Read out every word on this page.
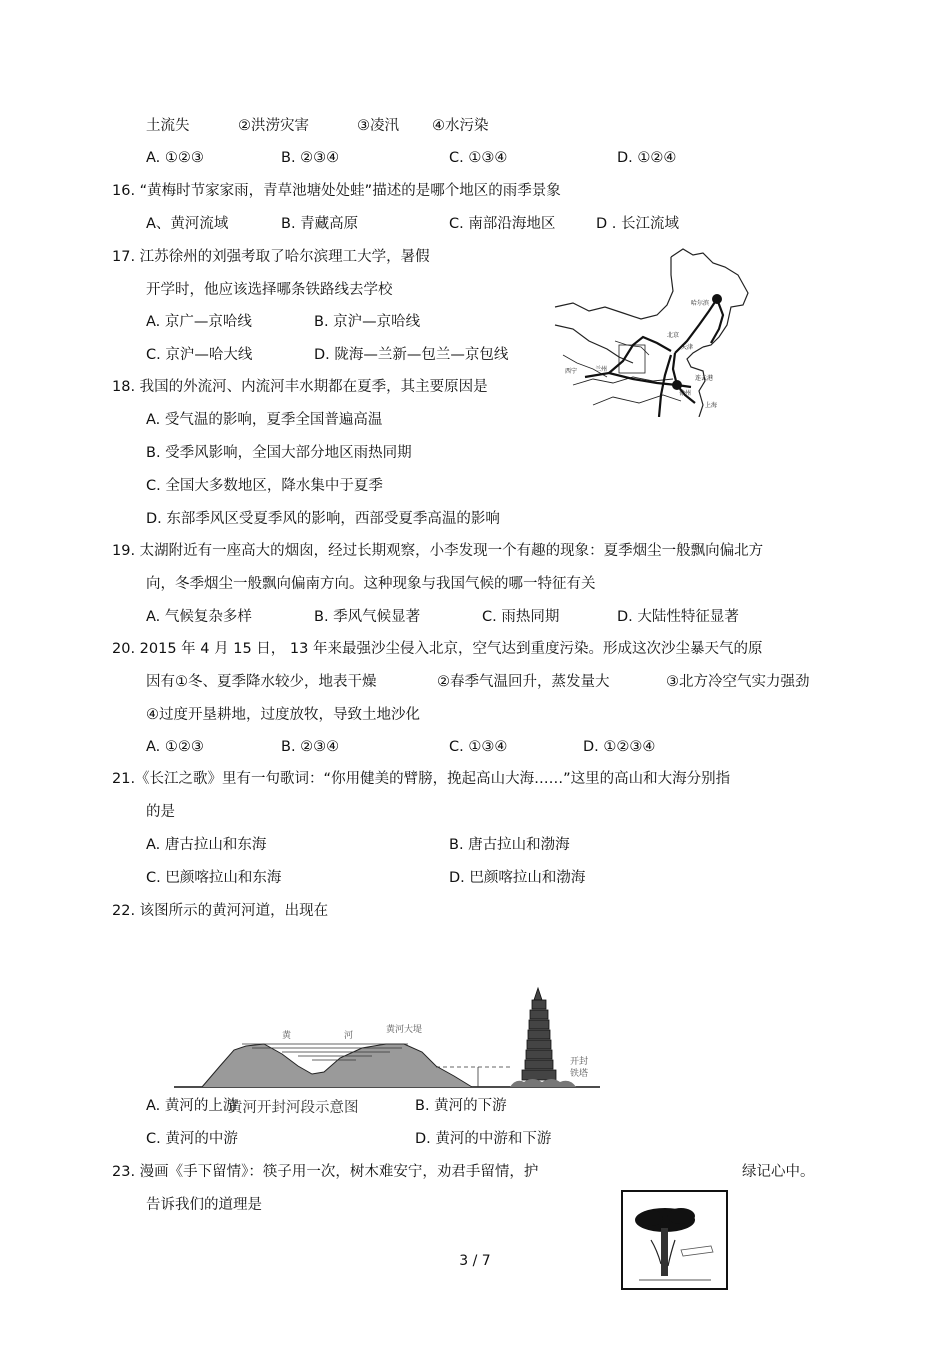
土流失	②洪涝灾害	③凌汛 ④水污染
A. ①②③	B. ②③④	C. ①③④	D. ①②④
16. “黄梅时节家家雨，青草池塘处处蛙”描述的是哪个地区的雨季景象
A、黄河流域	B. 青藏高原	C. 南部沿海地区	D . 长江流域
17. 江苏徐州的刘强考取了哈尔滨理工大学，暑假
开学时，他应该选择哪条铁路线去学校
A. 京广—京哈线	B. 京沪—京哈线
C. 京沪—哈大线	D. 陇海—兰新—包兰—京包线
哈尔滨
北京
天津
西宁	兰州
连云港
徐州
上海
18. 我国的外流河、内流河丰水期都在夏季，其主要原因是
A. 受气温的影响，夏季全国普遍高温
B. 受季风影响，全国大部分地区雨热同期
C. 全国大多数地区，降水集中于夏季
D. 东部季风区受夏季风的影响，西部受夏季高温的影响
19. 太湖附近有一座高大的烟囱，经过长期观察，小李发现一个有趣的现象：夏季烟尘一般飘向偏北方
向，冬季烟尘一般飘向偏南方向。这种现象与我国气候的哪一特征有关
A. 气候复杂多样	B. 季风气候显著	C. 雨热同期	D. 大陆性特征显著
20. 2015 年 4 月 15 日， 13 年来最强沙尘侵入北京，空气达到重度污染。形成这次沙尘暴天气的原
因有①冬、夏季降水较少，地表干燥	②春季气温回升，蒸发量大	③北方冷空气实力强劲
④过度开垦耕地，过度放牧，导致土地沙化
A. ①②③	B. ②③④	C. ①③④	D. ①②③④
21.《长江之歌》里有一句歌词：“你用健美的臂膀，挽起高山大海……”这里的高山和大海分别指
的是
A. 唐古拉山和东海	B. 唐古拉山和渤海
C. 巴颜喀拉山和东海	D. 巴颜喀拉山和渤海
22. 该图所示的黄河河道，出现在
黄	河
黄河大堤
开封
铁塔
黄河开封河段示意图
A. 黄河的上游	B. 黄河的下游
C. 黄河的中游	D. 黄河的中游和下游
23. 漫画《手下留情》：筷子用一次，树木难安宁，劝君手留情，护	绿记心中。
告诉我们的道理是
3 / 7
